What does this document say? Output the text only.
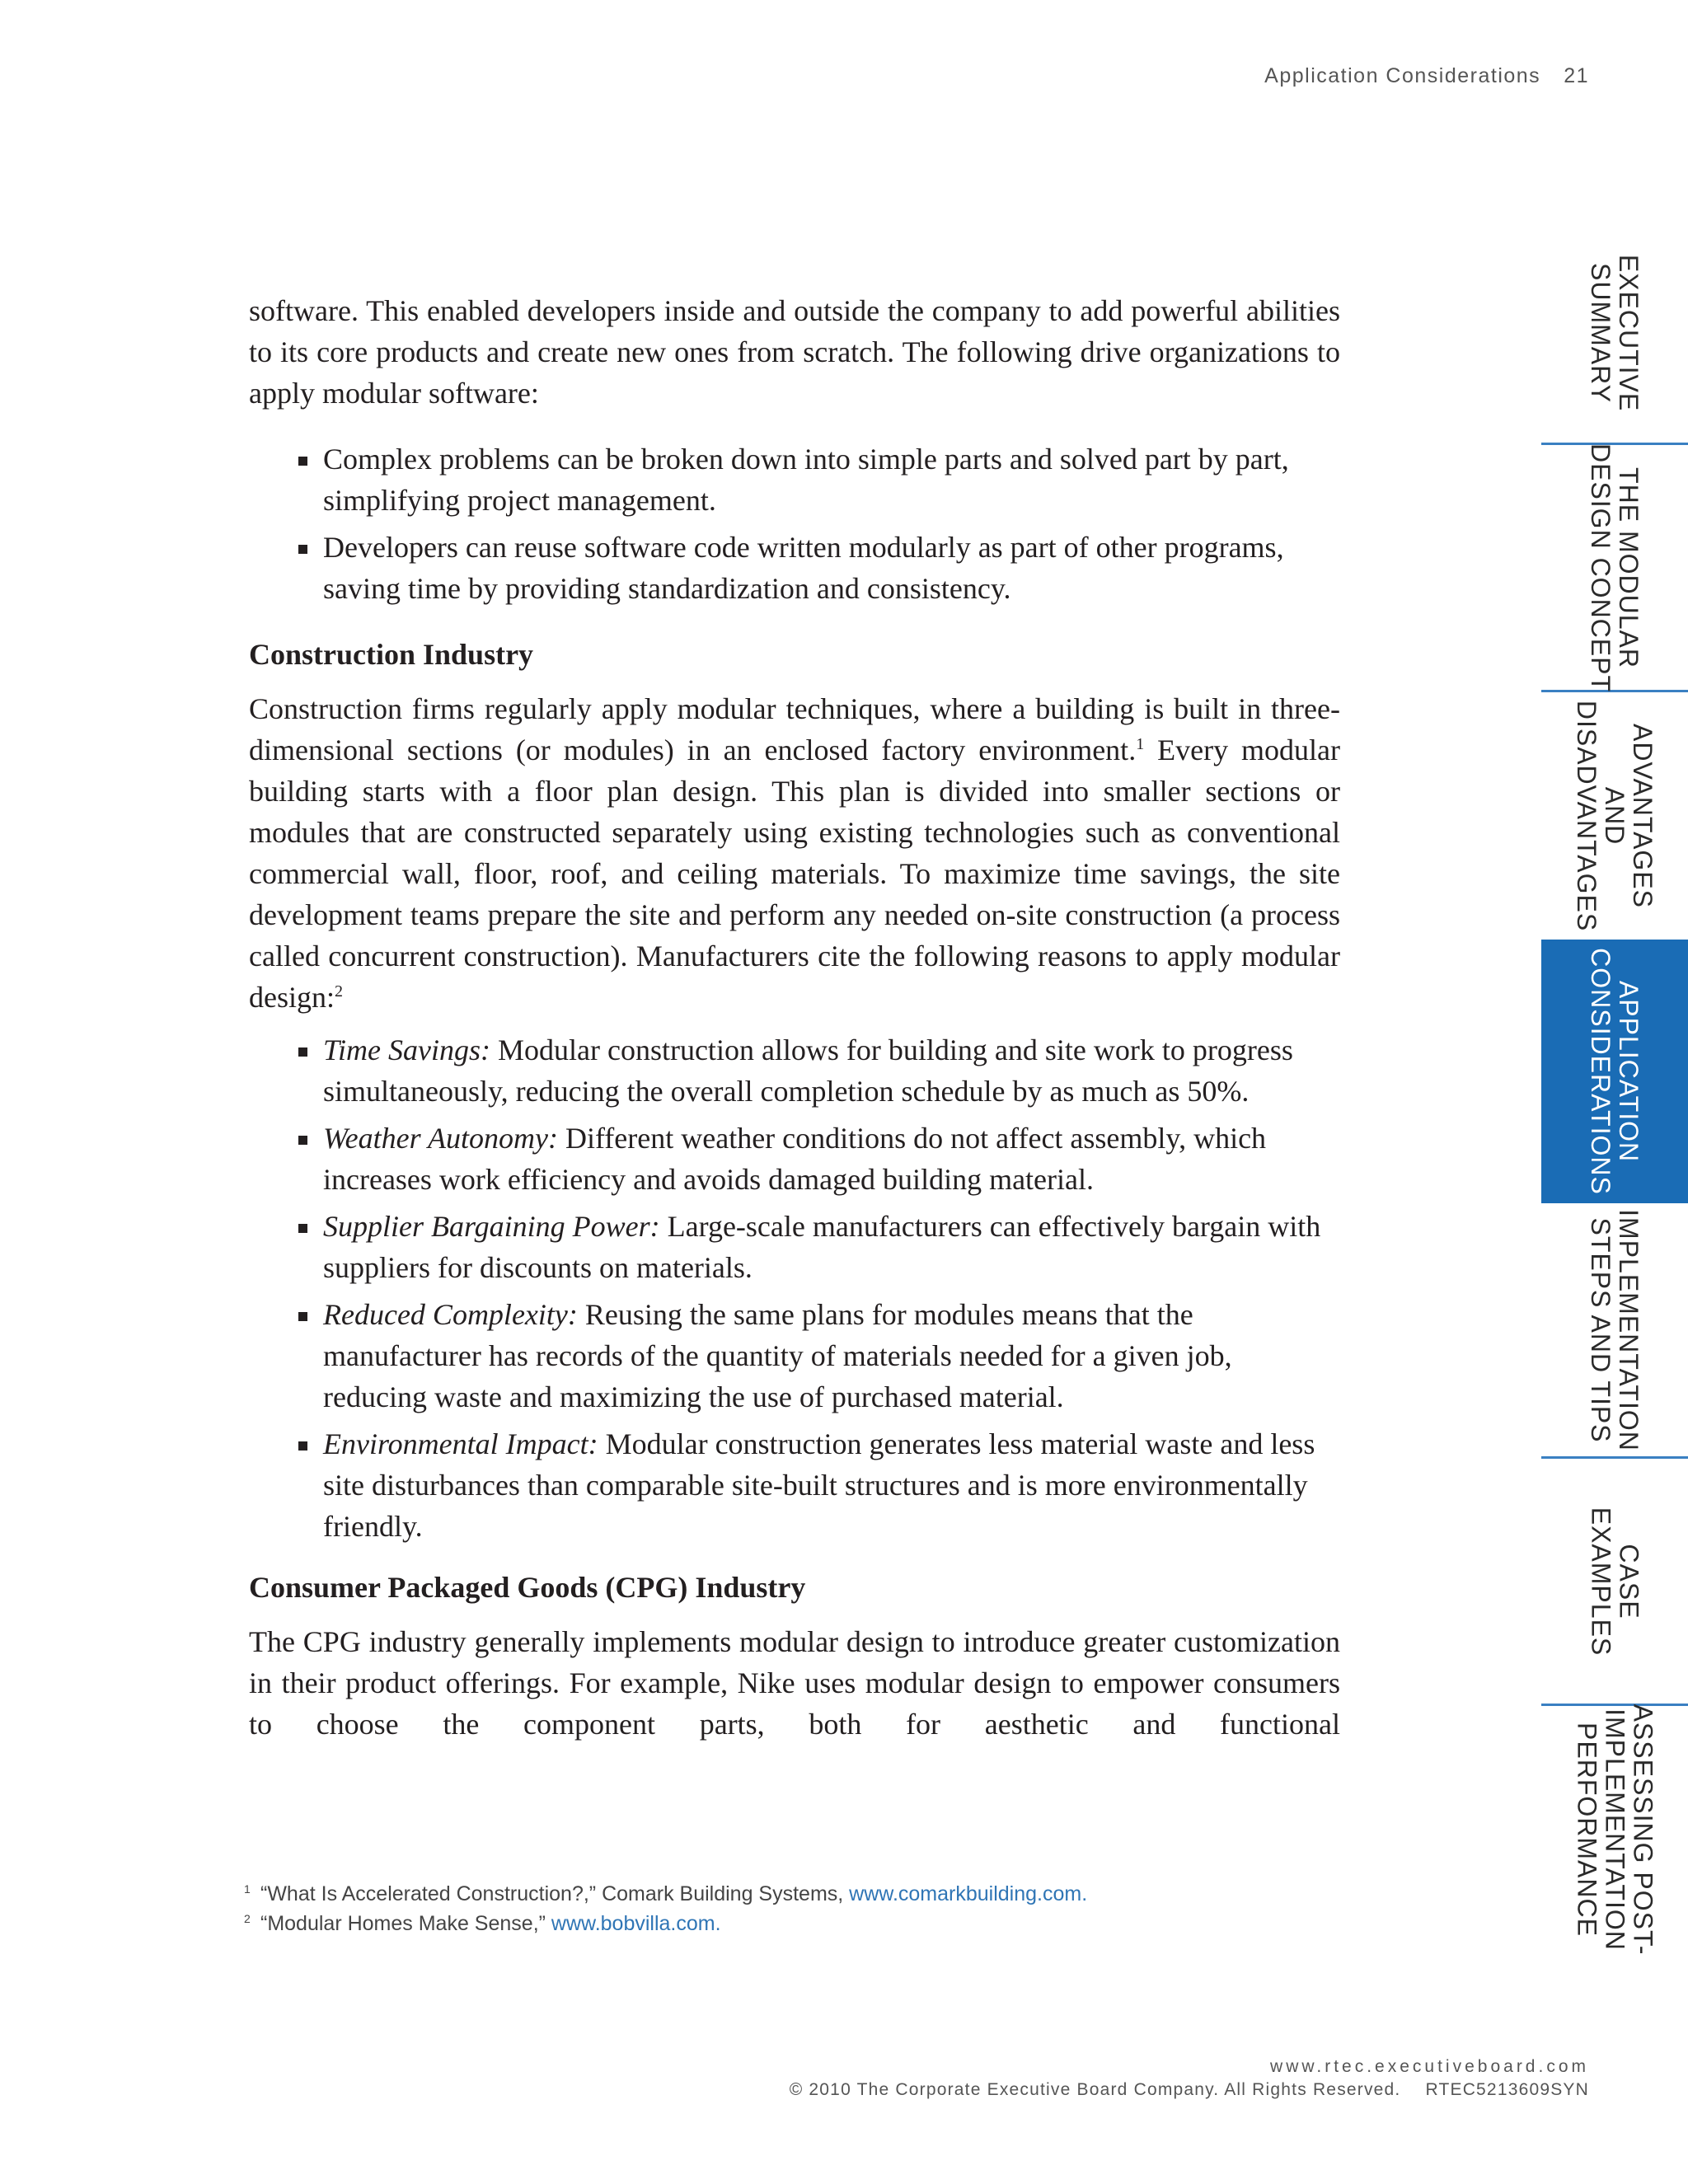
Application Considerations 21

software. This enabled developers inside and outside the company to add powerful abilities to its core products and create new ones from scratch. The following drive organizations to apply modular software:

Complex problems can be broken down into simple parts and solved part by part, simplifying project management.
Developers can reuse software code written modularly as part of other programs, saving time by providing standardization and consistency.
Construction Industry

Construction firms regularly apply modular techniques, where a building is built in three-dimensional sections (or modules) in an enclosed factory environment.$^1$ Every modular building starts with a floor plan design. This plan is divided into smaller sections or modules that are constructed separately using existing technologies such as conventional commercial wall, floor, roof, and ceiling materials. To maximize time savings, the site development teams prepare the site and perform any needed on-site construction (a process called concurrent construction). Manufacturers cite the following reasons to apply modular design:$^2$

Time Savings: Modular construction allows for building and site work to progress simultaneously, reducing the overall completion schedule by as much as 50%.
Weather Autonomy: Different weather conditions do not affect assembly, which increases work efficiency and avoids damaged building material.
Supplier Bargaining Power: Large-scale manufacturers can effectively bargain with suppliers for discounts on materials.
Reduced Complexity: Reusing the same plans for modules means that the manufacturer has records of the quantity of materials needed for a given job, reducing waste and maximizing the use of purchased material.
Environmental Impact: Modular construction generates less material waste and less site disturbances than comparable site-built structures and is more environmentally friendly.
Consumer Packaged Goods (CPG) Industry

The CPG industry generally implements modular design to introduce greater customization in their product offerings. For example, Nike uses modular design to empower consumers to choose the component parts, both for aesthetic and functional

1 “What Is Accelerated Construction?,” Comark Building Systems, www.comarkbuilding.com.
2 “Modular Homes Make Sense,” www.bobvilla.com.
www.rtec.executiveboard.com
© 2010 The Corporate Executive Board Company. All Rights Reserved. RTEC5213609SYN
EXECUTIVE
SUMMARY
THE MODULAR
DESIGN CONCEPT
ADVANTAGES
AND
DISADVANTAGES
APPLICATION
CONSIDERATIONS
IMPLEMENTATION
STEPS AND TIPS
CASE
EXAMPLES
ASSESSING POST-
IMPLEMENTATION
PERFORMANCE
